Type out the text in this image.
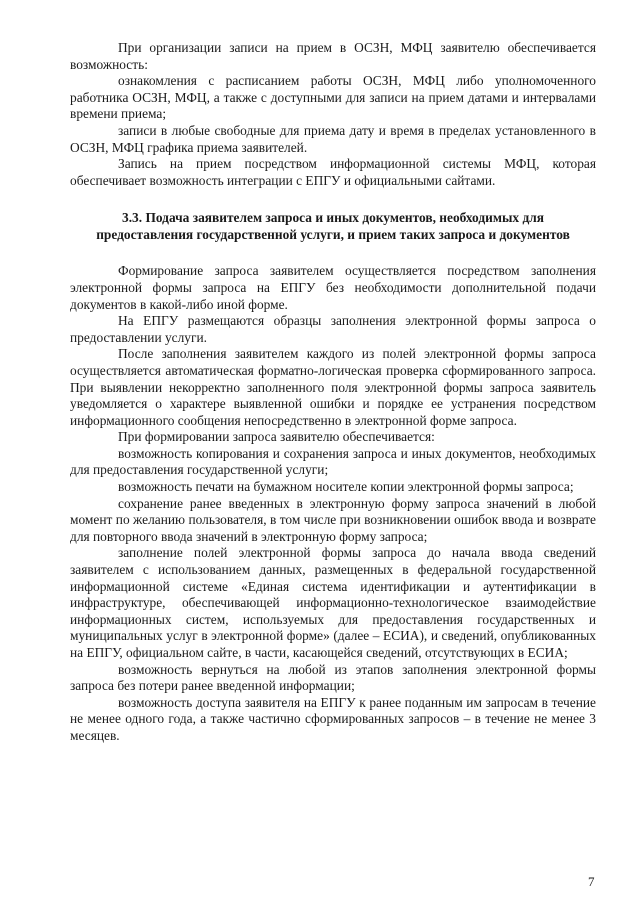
При организации записи на прием в ОСЗН, МФЦ заявителю обеспечивается возможность:

ознакомления с расписанием работы ОСЗН, МФЦ либо уполномоченного работника ОСЗН, МФЦ, а также с доступными для записи на прием датами и интервалами времени приема;

записи в любые свободные для приема дату и время в пределах установленного в ОСЗН, МФЦ графика приема заявителей.

Запись на прием посредством информационной системы МФЦ, которая обеспечивает возможность интеграции с ЕПГУ и официальными сайтами.

3.3. Подача заявителем запроса и иных документов, необходимых для предоставления государственной услуги, и прием таких запроса и документов

Формирование запроса заявителем осуществляется посредством заполнения электронной формы запроса на ЕПГУ без необходимости дополнительной подачи документов в какой-либо иной форме.

На ЕПГУ размещаются образцы заполнения электронной формы запроса о предоставлении услуги.

После заполнения заявителем каждого из полей электронной формы запроса осуществляется автоматическая форматно-логическая проверка сформированного запроса. При выявлении некорректно заполненного поля электронной формы запроса заявитель уведомляется о характере выявленной ошибки и порядке ее устранения посредством информационного сообщения непосредственно в электронной форме запроса.

При формировании запроса заявителю обеспечивается:

возможность копирования и сохранения запроса и иных документов, необходимых для предоставления государственной услуги;

возможность печати на бумажном носителе копии электронной формы запроса;

сохранение ранее введенных в электронную форму запроса значений в любой момент по желанию пользователя, в том числе при возникновении ошибок ввода и возврате для повторного ввода значений в электронную форму запроса;

заполнение полей электронной формы запроса до начала ввода сведений заявителем с использованием данных, размещенных в федеральной государственной информационной системе «Единая система идентификации и аутентификации в инфраструктуре, обеспечивающей информационно-технологическое взаимодействие информационных систем, используемых для предоставления государственных и муниципальных услуг в электронной форме» (далее – ЕСИА), и сведений, опубликованных на ЕПГУ, официальном сайте, в части, касающейся сведений, отсутствующих в ЕСИА;

возможность вернуться на любой из этапов заполнения электронной формы запроса без потери ранее введенной информации;

возможность доступа заявителя на ЕПГУ к ранее поданным им запросам в течение не менее одного года, а также частично сформированных запросов – в течение не менее 3 месяцев.

7
